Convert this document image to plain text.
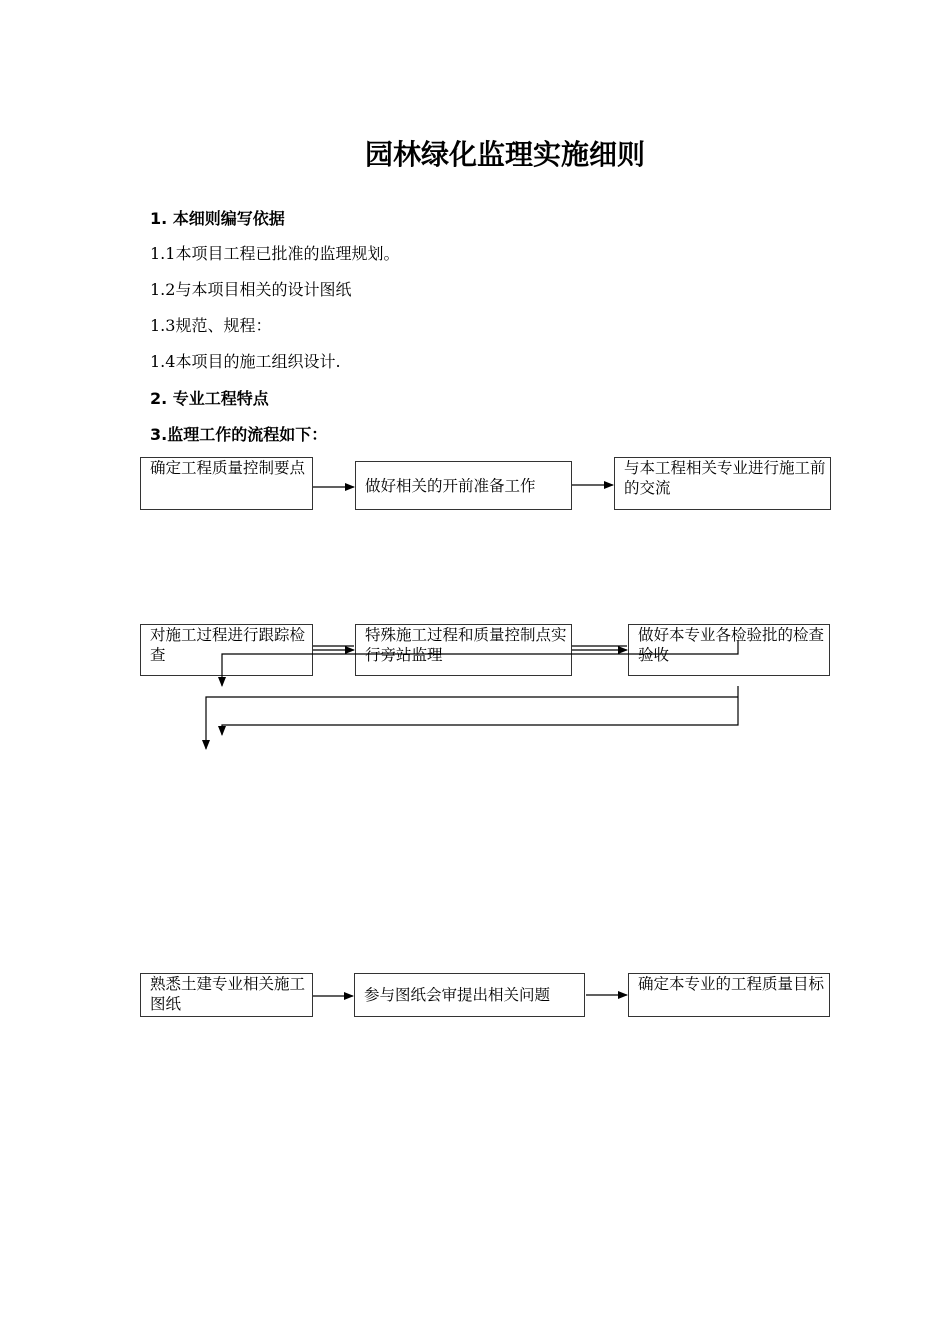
园林绿化监理实施细则
1. 本细则编写依据
1.1本项目工程已批准的监理规划。
1.2与本项目相关的设计图纸
1.3规范、规程：
1.4本项目的施工组织设计.
2. 专业工程特点
3.监理工作的流程如下：
确定工程质量控制要点
做好相关的开前准备工作
与本工程相关专业进行施工前的交流
对施工过程进行跟踪检查
特殊施工过程和质量控制点实行旁站监理
做好本专业各检验批的检查验收
熟悉土建专业相关施工图纸	参与图纸会审提出相关问题
确定本专业的工程质量目标
